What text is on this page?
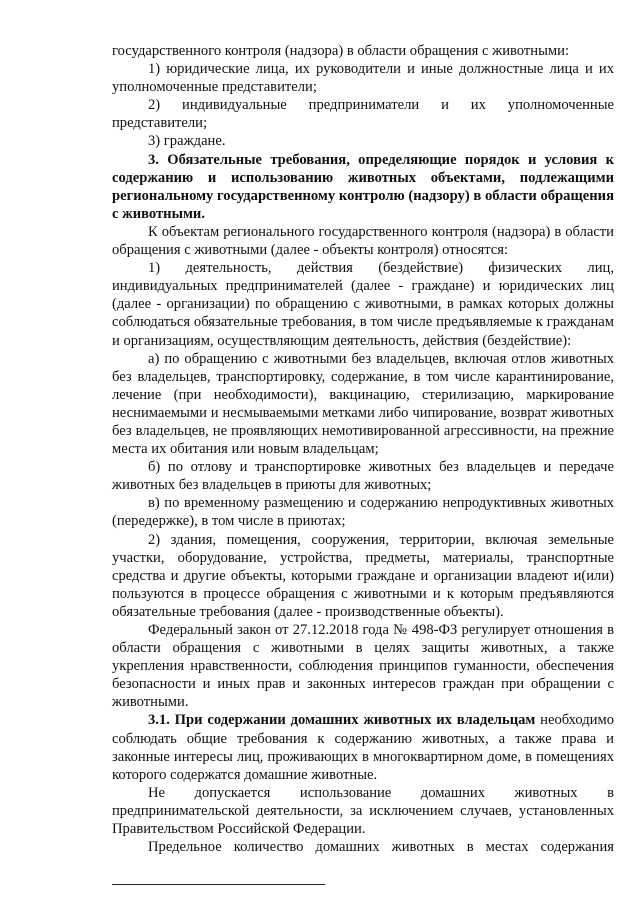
государственного контроля (надзора) в области обращения с животными:

1) юридические лица, их руководители и иные должностные лица и их уполномоченные представители;

2) индивидуальные предприниматели и их уполномоченные представители;

3) граждане.

3. Обязательные требования, определяющие порядок и условия к содержанию и использованию животных объектами, подлежащими региональному государственному контролю (надзору) в области обращения с животными.

К объектам регионального государственного контроля (надзора) в области обращения с животными (далее - объекты контроля) относятся:

1) деятельность, действия (бездействие) физических лиц, индивидуальных предпринимателей (далее - граждане) и юридических лиц (далее - организации) по обращению с животными, в рамках которых должны соблюдаться обязательные требования, в том числе предъявляемые к гражданам и организациям, осуществляющим деятельность, действия (бездействие):

а) по обращению с животными без владельцев, включая отлов животных без владельцев, транспортировку, содержание, в том числе карантинирование, лечение (при необходимости), вакцинацию, стерилизацию, маркирование неснимаемыми и несмываемыми метками либо чипирование, возврат животных без владельцев, не проявляющих немотивированной агрессивности, на прежние места их обитания или новым владельцам;

б) по отлову и транспортировке животных без владельцев и передаче животных без владельцев в приюты для животных;

в) по временному размещению и содержанию непродуктивных животных (передержке), в том числе в приютах;

2) здания, помещения, сооружения, территории, включая земельные участки, оборудование, устройства, предметы, материалы, транспортные средства и другие объекты, которыми граждане и организации владеют и(или) пользуются в процессе обращения с животными и к которым предъявляются обязательные требования (далее - производственные объекты).

Федеральный закон от 27.12.2018 года № 498-ФЗ регулирует отношения в области обращения с животными в целях защиты животных, а также укрепления нравственности, соблюдения принципов гуманности, обеспечения безопасности и иных прав и законных интересов граждан при обращении с животными.

3.1. При содержании домашних животных их владельцам необходимо соблюдать общие требования к содержанию животных, а также права и законные интересы лиц, проживающих в многоквартирном доме, в помещениях которого содержатся домашние животные.

Не допускается использование домашних животных в предпринимательской деятельности, за исключением случаев, установленных Правительством Российской Федерации.

Предельное количество домашних животных в местах содержания
